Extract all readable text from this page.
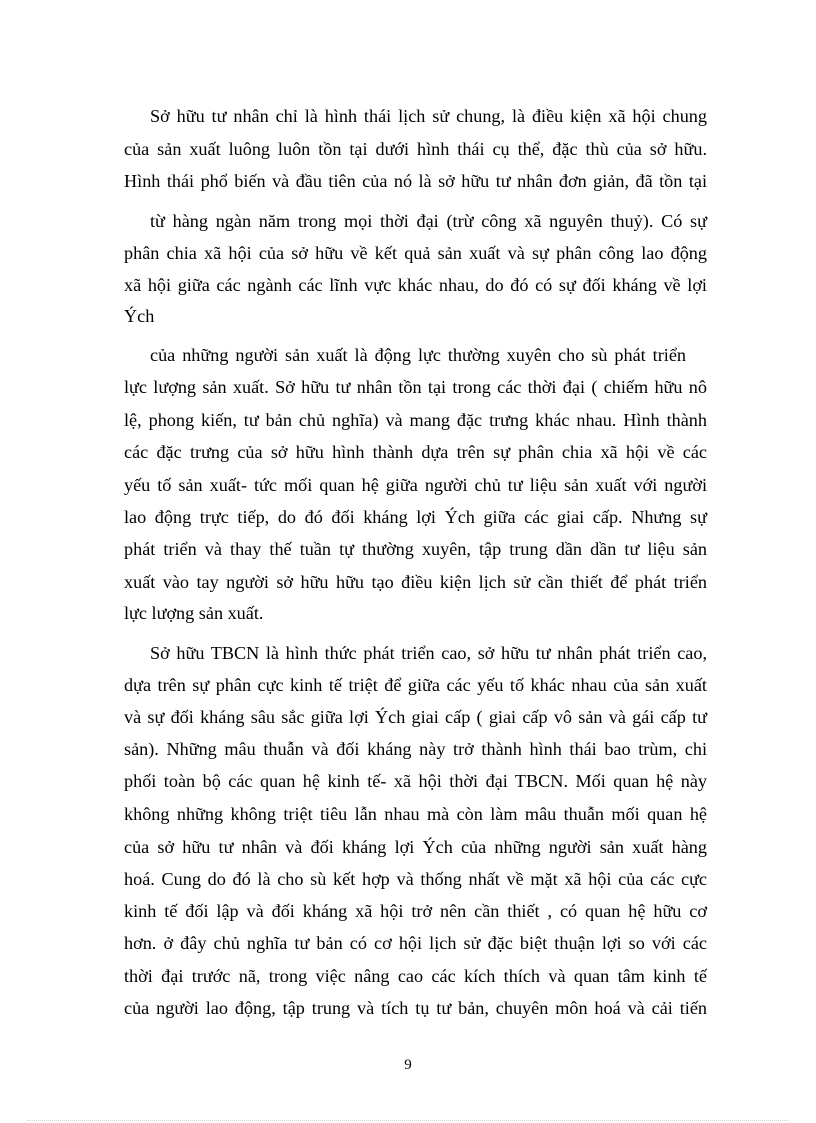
Sở hữu tư nhân chỉ là hình thái lịch sử chung, là điều kiện xã hội chung

của sản xuất luông luôn tồn tại dưới hình thái cụ thể, đặc thù của sở hữu.

Hình thái phổ biến và đầu tiên của nó là sở hữu tư nhân đơn giản, đã tồn tại

từ hàng ngàn năm trong mọi thời đại (trừ công xã nguyên thuỷ). Có sự

phân chia xã hội của sở hữu về kết quả sản xuất và sự phân công lao động

xã hội giữa các ngành các lĩnh vực khác nhau, do đó có sự đối kháng về lợi

Ých

của những người sản xuất là động lực thường xuyên cho sù phát triển

lực lượng sản xuất. Sở hữu tư nhân tồn tại trong các thời đại ( chiếm hữu nô

lệ, phong kiến, tư bản chủ nghĩa) và mang đặc trưng khác nhau. Hình thành

các đặc trưng của sở hữu hình thành dựa trên sự phân chia xã hội về các

yếu tố sản xuất- tức mối quan hệ giữa người chủ tư liệu sản xuất với người

lao động trực tiếp, do đó đối kháng lợi Ých giữa các giai cấp. Nhưng sự

phát triển và thay thế tuần tự thường xuyên, tập trung dần dần tư liệu sản

xuất vào tay người sở hữu hữu tạo điều kiện lịch sử cần thiết để phát triển

lực lượng sản xuất.

Sở hữu TBCN là hình thức phát triển cao, sở hữu tư nhân phát triển cao,

dựa trên sự phân cực kinh tế triệt để giữa các yếu tố khác nhau của sản xuất

và sự đối kháng sâu sắc giữa lợi Ých giai cấp ( giai cấp vô sản và gái cấp tư

sản). Những mâu thuẫn và đối kháng này trở thành hình thái bao trùm, chi

phối toàn bộ các quan hệ kinh tế- xã hội thời đại TBCN. Mối quan hệ này

không những không triệt tiêu lẫn nhau mà còn làm mâu thuẫn mối quan hệ

của sở hữu tư nhân và đối kháng lợi Ých của những người sản xuất hàng

hoá. Cung do đó là cho sù kết hợp và thống nhất về mặt xã hội của các cực

kinh tế đối lập và đối kháng xã hội trở nên cần thiết , có quan hệ hữu cơ

hơn. ở đây chủ nghĩa tư bản có cơ hội lịch sử đặc biệt thuận lợi so với các

thời đại trước nã, trong việc nâng cao các kích thích và quan tâm kinh tế

của người lao động, tập trung và tích tụ tư bản, chuyên môn hoá và cải tiến

9
